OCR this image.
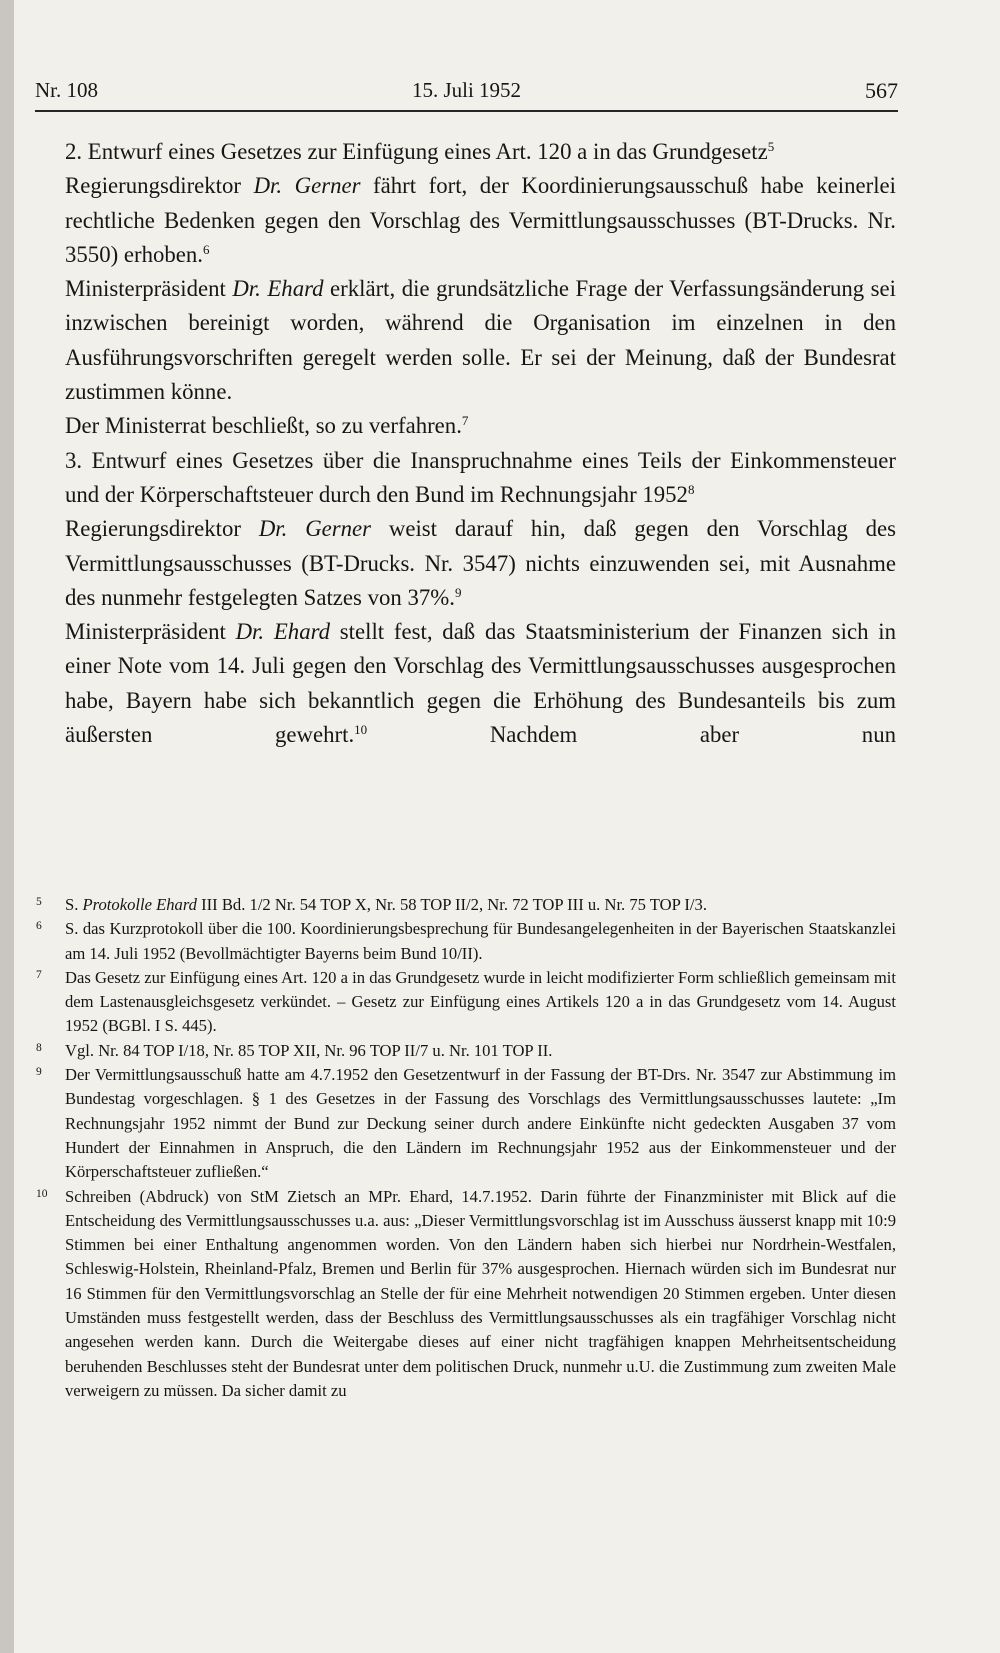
Nr. 108	15. Juli 1952	567

2. Entwurf eines Gesetzes zur Einfügung eines Art. 120 a in das Grundgesetz$^5$

Regierungsdirektor Dr. Gerner fährt fort, der Koordinierungsausschuß habe keinerlei rechtliche Bedenken gegen den Vorschlag des Vermittlungsausschusses (BT-Drucks. Nr. 3550) erhoben.$^6$

Ministerpräsident Dr. Ehard erklärt, die grundsätzliche Frage der Verfassungsänderung sei inzwischen bereinigt worden, während die Organisation im einzelnen in den Ausführungsvorschriften geregelt werden solle. Er sei der Meinung, daß der Bundesrat zustimmen könne.

Der Ministerrat beschließt, so zu verfahren.$^7$

3. Entwurf eines Gesetzes über die Inanspruchnahme eines Teils der Einkommensteuer und der Körperschaftsteuer durch den Bund im Rechnungsjahr 1952$^8$

Regierungsdirektor Dr. Gerner weist darauf hin, daß gegen den Vorschlag des Vermittlungsausschusses (BT-Drucks. Nr. 3547) nichts einzuwenden sei, mit Ausnahme des nunmehr festgelegten Satzes von 37%.$^9$

Ministerpräsident Dr. Ehard stellt fest, daß das Staatsministerium der Finanzen sich in einer Note vom 14. Juli gegen den Vorschlag des Vermittlungsausschusses ausgesprochen habe, Bayern habe sich bekanntlich gegen die Erhöhung des Bundesanteils bis zum äußersten gewehrt.$^{10}$ Nachdem aber nun

5 S. Protokolle Ehard III Bd. 1/2 Nr. 54 TOP X, Nr. 58 TOP II/2, Nr. 72 TOP III u. Nr. 75 TOP I/3.
6 S. das Kurzprotokoll über die 100. Koordinierungsbesprechung für Bundesangelegenheiten in der Bayerischen Staatskanzlei am 14. Juli 1952 (Bevollmächtigter Bayerns beim Bund 10/II).
7 Das Gesetz zur Einfügung eines Art. 120 a in das Grundgesetz wurde in leicht modifizierter Form schließlich gemeinsam mit dem Lastenausgleichsgesetz verkündet. – Gesetz zur Einfügung eines Artikels 120 a in das Grundgesetz vom 14. August 1952 (BGBl. I S. 445).
8 Vgl. Nr. 84 TOP I/18, Nr. 85 TOP XII, Nr. 96 TOP II/7 u. Nr. 101 TOP II.
9 Der Vermittlungsausschuß hatte am 4.7.1952 den Gesetzentwurf in der Fassung der BT-Drs. Nr. 3547 zur Abstimmung im Bundestag vorgeschlagen. § 1 des Gesetzes in der Fassung des Vorschlags des Vermittlungsausschusses lautete: „Im Rechnungsjahr 1952 nimmt der Bund zur Deckung seiner durch andere Einkünfte nicht gedeckten Ausgaben 37 vom Hundert der Einnahmen in Anspruch, die den Ländern im Rechnungsjahr 1952 aus der Einkommensteuer und der Körperschaftsteuer zufließen.“
10 Schreiben (Abdruck) von StM Zietsch an MPr. Ehard, 14.7.1952. Darin führte der Finanzminister mit Blick auf die Entscheidung des Vermittlungsausschusses u.a. aus: „Dieser Vermittlungsvorschlag ist im Ausschuss äusserst knapp mit 10:9 Stimmen bei einer Enthaltung angenommen worden. Von den Ländern haben sich hierbei nur Nordrhein-Westfalen, Schleswig-Holstein, Rheinland-Pfalz, Bremen und Berlin für 37% ausgesprochen. Hiernach würden sich im Bundesrat nur 16 Stimmen für den Vermittlungsvorschlag an Stelle der für eine Mehrheit notwendigen 20 Stimmen ergeben. Unter diesen Umständen muss festgestellt werden, dass der Beschluss des Vermittlungsausschusses als ein tragfähiger Vorschlag nicht angesehen werden kann. Durch die Weitergabe dieses auf einer nicht tragfähigen knappen Mehrheitsentscheidung beruhenden Beschlusses steht der Bundesrat unter dem politischen Druck, nunmehr u.U. die Zustimmung zum zweiten Male verweigern zu müssen. Da sicher damit zu
